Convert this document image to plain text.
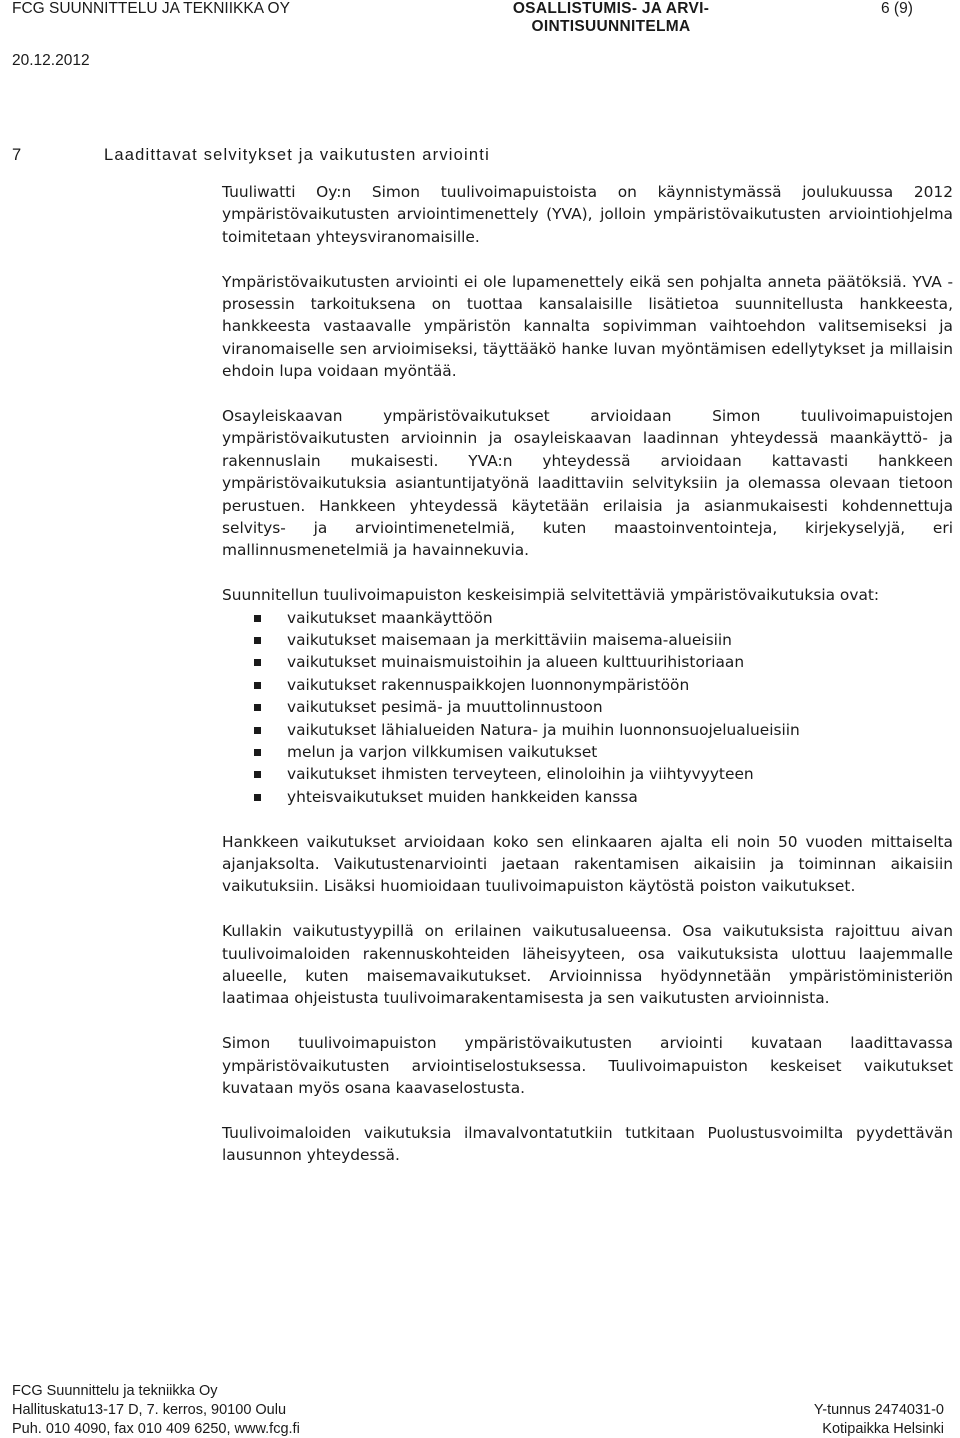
FCG SUUNNITTELU JA TEKNIIKKA OY	OSALLISTUMIS- JA ARVI-
OINTISUUNNITELMA
6 (9)
20.12.2012
7	Laadittavat selvitykset ja vaikutusten arviointi

Tuuliwatti Oy:n Simon tuulivoimapuistoista on käynnistymässä joulukuussa 2012 ympäristövaikutusten arviointimenettely (YVA), jolloin ympäristövaikutusten arviointiohjelma toimitetaan yhteysviranomaisille.

Ympäristövaikutusten arviointi ei ole lupamenettely eikä sen pohjalta anneta päätöksiä. YVA -prosessin tarkoituksena on tuottaa kansalaisille lisätietoa suunnitellusta hankkeesta, hankkeesta vastaavalle ympäristön kannalta sopivimman vaihtoehdon valitsemiseksi ja viranomaiselle sen arvioimiseksi, täyttääkö hanke luvan myöntämisen edellytykset ja millaisin ehdoin lupa voidaan myöntää.

Osayleiskaavan ympäristövaikutukset arvioidaan Simon tuulivoimapuistojen ympäristövaikutusten arvioinnin ja osayleiskaavan laadinnan yhteydessä maankäyttö- ja rakennuslain mukaisesti. YVA:n yhteydessä arvioidaan kattavasti hankkeen ympäristövaikutuksia asiantuntijatyönä laadittaviin selvityksiin ja olemassa olevaan tietoon perustuen. Hankkeen yhteydessä käytetään erilaisia ja asianmukaisesti kohdennettuja selvitys- ja arviointimenetelmiä, kuten maastoinventointeja, kirjekyselyjä, eri mallinnusmenetelmiä ja havainnekuvia.

Suunnitellun tuulivoimapuiston keskeisimpiä selvitettäviä ympäristövaikutuksia ovat:

vaikutukset maankäyttöön
vaikutukset maisemaan ja merkittäviin maisema-alueisiin
vaikutukset muinaismuistoihin ja alueen kulttuurihistoriaan
vaikutukset rakennuspaikkojen luonnonympäristöön
vaikutukset pesimä- ja muuttolinnustoon
vaikutukset lähialueiden Natura- ja muihin luonnonsuojelualueisiin
melun ja varjon vilkkumisen vaikutukset
vaikutukset ihmisten terveyteen, elinoloihin ja viihtyvyyteen
yhteisvaikutukset muiden hankkeiden kanssa

Hankkeen vaikutukset arvioidaan koko sen elinkaaren ajalta eli noin 50 vuoden mittaiselta ajanjaksolta. Vaikutustenarviointi jaetaan rakentamisen aikaisiin ja toiminnan aikaisiin vaikutuksiin. Lisäksi huomioidaan tuulivoimapuiston käytöstä poiston vaikutukset.

Kullakin vaikutustyypillä on erilainen vaikutusalueensa. Osa vaikutuksista rajoittuu aivan tuulivoimaloiden rakennuskohteiden läheisyyteen, osa vaikutuksista ulottuu laajemmalle alueelle, kuten maisemavaikutukset. Arvioinnissa hyödynnetään ympäristöministeriön laatimaa ohjeistusta tuulivoimarakentamisesta ja sen vaikutusten arvioinnista.

Simon tuulivoimapuiston ympäristövaikutusten arviointi kuvataan laadittavassa ympäristövaikutusten arviointiselostuksessa. Tuulivoimapuiston keskeiset vaikutukset kuvataan myös osana kaavaselostusta.

Tuulivoimaloiden vaikutuksia ilmavalvontatutkiin tutkitaan Puolustusvoimilta pyydettävän lausunnon yhteydessä.

FCG Suunnittelu ja tekniikka Oy
Hallituskatu13-17 D, 7. kerros, 90100 Oulu
Puh. 010 4090, fax 010 409 6250, www.fcg.fi
Y-tunnus 2474031-0
Kotipaikka Helsinki
